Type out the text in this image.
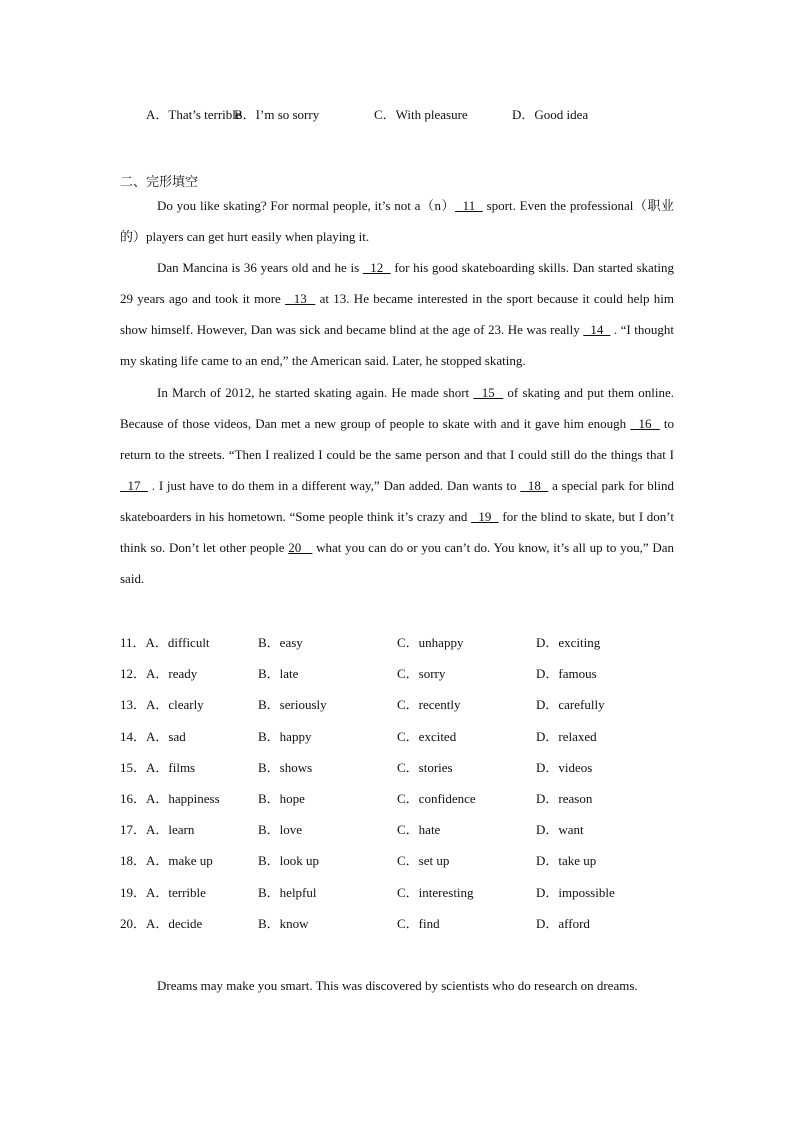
A．That’s terribleB．I’m so sorry	C．With pleasure	D．Good idea
二、完形填空

Do you like skating? For normal people, it’s not a（n）  11   sport. Even the professional（职业的）players can get hurt easily when playing it.

Dan Mancina is 36 years old and he is   12   for his good skateboarding skills. Dan started skating 29 years ago and took it more   13   at 13. He became interested in the sport because it could help him show himself. However, Dan was sick and became blind at the age of 23. He was really   14   . “I thought my skating life came to an end,” the American said. Later, he stopped skating.

In March of 2012, he started skating again. He made short   15   of skating and put them online. Because of those videos, Dan met a new group of people to skate with and it gave him enough   16   to return to the streets. “Then I realized I could be the same person and that I could still do the things that I   17   . I just have to do them in a different way,” Dan added. Dan wants to   18   a special park for blind skateboarders in his hometown. “Some people think it’s crazy and   19   for the blind to skate, but I don’t think so. Don’t let other people 20    what you can do or you can’t do. You know, it’s all up to you,” Dan said.

11．A．difficult	B．easy	C．unhappy	D．exciting
12．A．ready	B．late	C．sorry	D．famous
13．A．clearly	B．seriously	C．recently	D．carefully
14．A．sad	B．happy	C．excited	D．relaxed
15．A．films	B．shows	C．stories	D．videos
16．A．happiness	B．hope	C．confidence	D．reason
17．A．learn	B．love	C．hate	D．want
18．A．make up	B．look up	C．set up	D．take up
19．A．terrible	B．helpful	C．interesting	D．impossible
20．A．decide	B．know	C．find	D．afford

Dreams may make you smart. This was discovered by scientists who do research on dreams.
